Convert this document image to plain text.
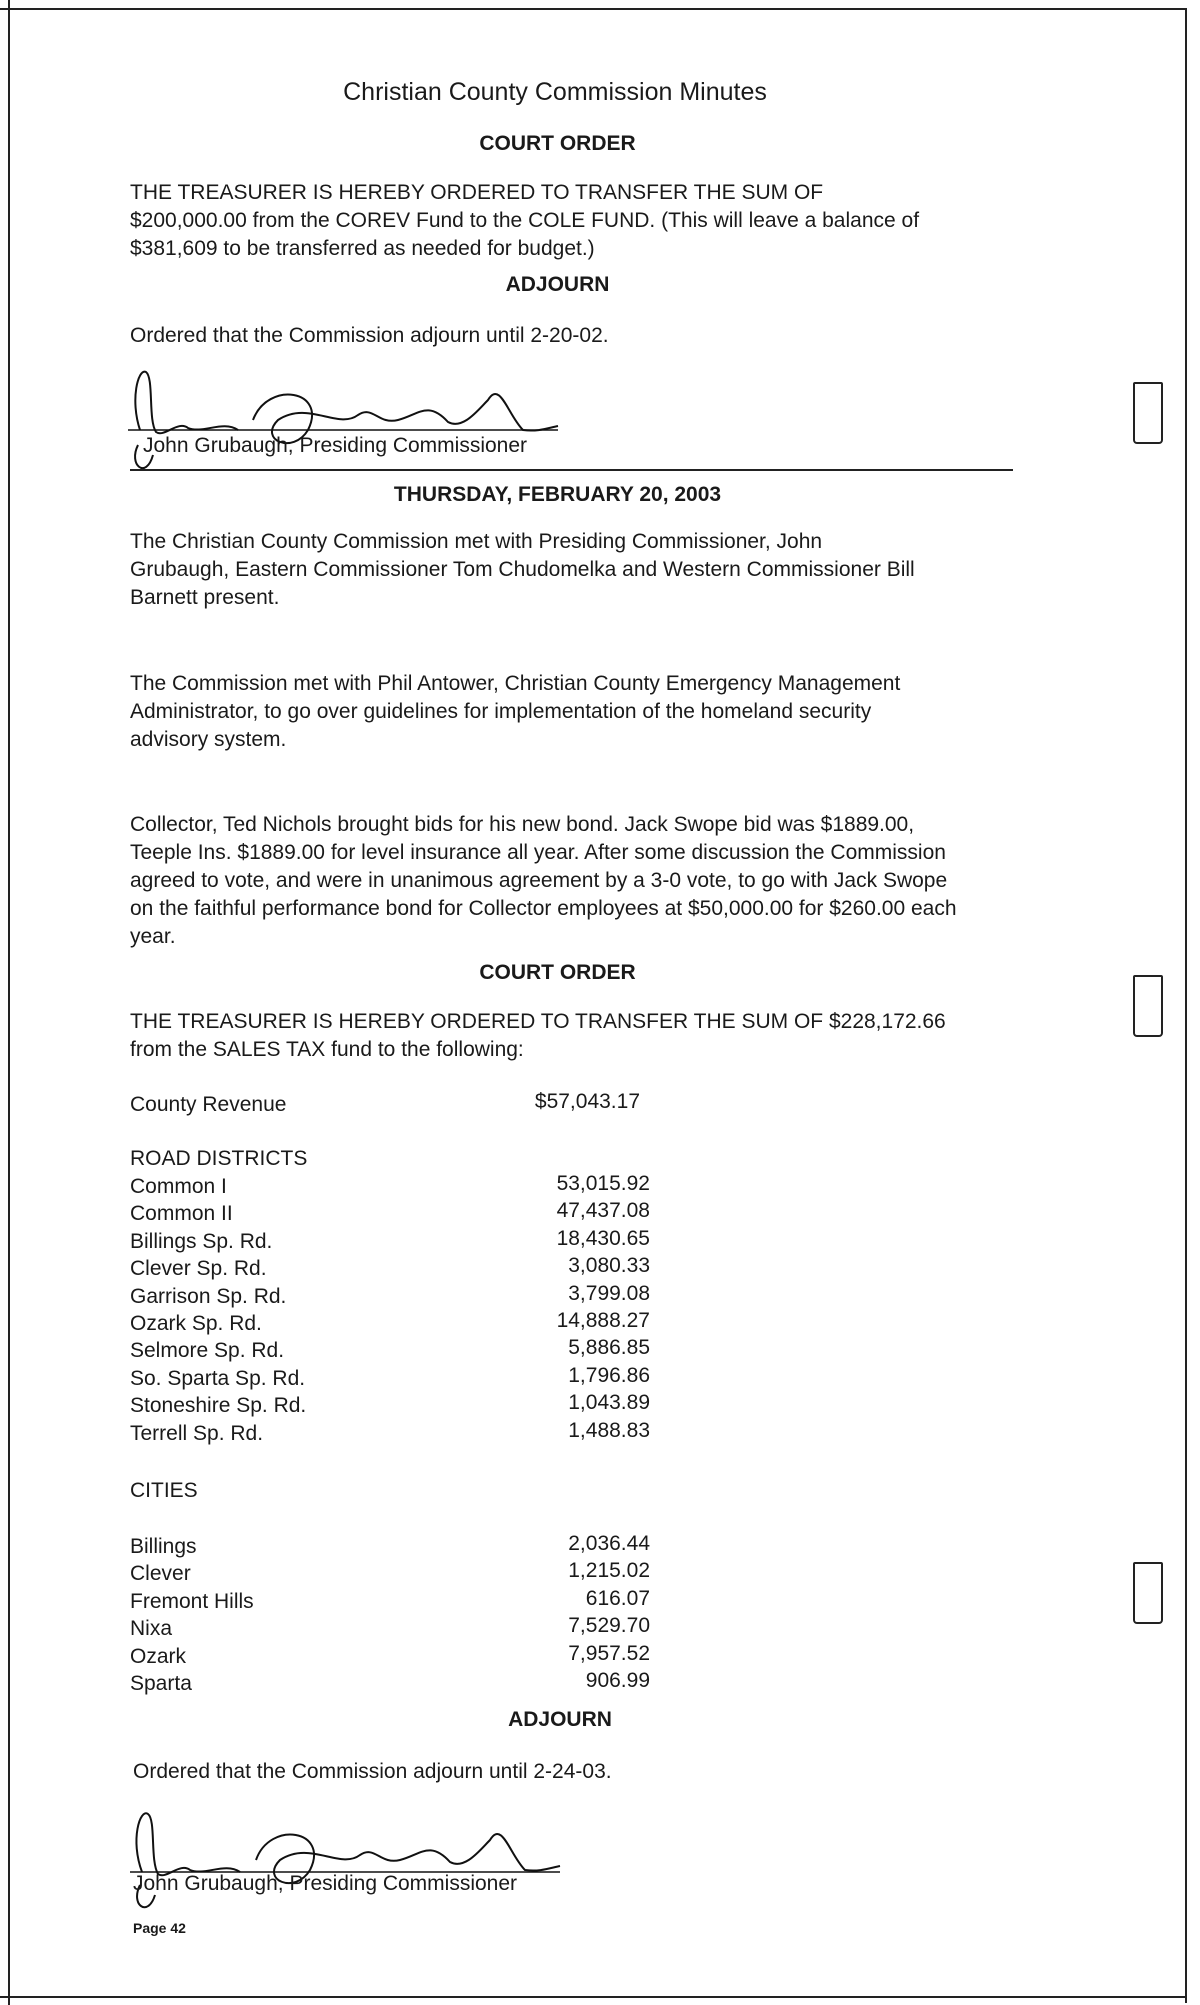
Christian County Commission Minutes
COURT ORDER
THE TREASURER IS HEREBY ORDERED TO TRANSFER THE SUM OF $200,000.00 from the COREV Fund to the COLE FUND. (This will leave a balance of $381,609 to be transferred as needed for budget.)
ADJOURN
Ordered that the Commission adjourn until 2-20-02.
John Grubaugh, Presiding Commissioner
THURSDAY, FEBRUARY 20, 2003
The Christian County Commission met with Presiding Commissioner, John Grubaugh, Eastern Commissioner Tom Chudomelka and Western Commissioner Bill Barnett present.
The Commission met with Phil Antower, Christian County Emergency Management Administrator, to go over guidelines for implementation of the homeland security advisory system.
Collector, Ted Nichols brought bids for his new bond. Jack Swope bid was $1889.00, Teeple Ins. $1889.00 for level insurance all year. After some discussion the Commission agreed to vote, and were in unanimous agreement by a 3-0 vote, to go with Jack Swope on the faithful performance bond for Collector employees at $50,000.00 for $260.00 each year.
COURT ORDER
THE TREASURER IS HEREBY ORDERED TO TRANSFER THE SUM OF $228,172.66 from the SALES TAX fund to the following:
County Revenue	$57,043.17
ROAD DISTRICTS
Common I	53,015.92
Common II	47,437.08
Billings Sp. Rd.	18,430.65
Clever Sp. Rd.	3,080.33
Garrison Sp. Rd.	3,799.08
Ozark Sp. Rd.	14,888.27
Selmore Sp. Rd.	5,886.85
So. Sparta Sp. Rd.	1,796.86
Stoneshire Sp. Rd.	1,043.89
Terrell Sp. Rd.	1,488.83
CITIES
Billings	2,036.44
Clever	1,215.02
Fremont Hills	616.07
Nixa	7,529.70
Ozark	7,957.52
Sparta	906.99
ADJOURN
Ordered that the Commission adjourn until 2-24-03.
John Grubaugh, Presiding Commissioner
Page 42
